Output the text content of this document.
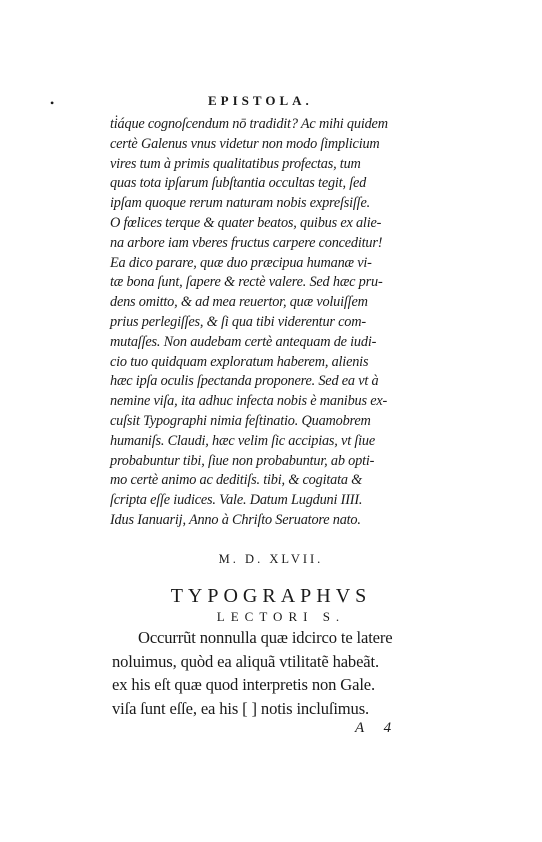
•	EPISTOLA.
ti̇áque cognoſcendum nō tradidit? Ac mihi quidem
certè Galenus vnus videtur non modo ſimplicium
vires tum à primis qualitatibus profectas, tum
quas tota ipſarum ſubſtantia occultas tegit, ſed
ipſam quoque rerum naturam nobis expreſsiſſe.
O fœlices terque & quater beatos, quibus ex alie-
na arbore iam vberes fructus carpere conceditur!
Ea dico parare, quæ duo præcipua humanæ vi-
tæ bona ſunt, ſapere & rectè valere. Sed hæc pru-
dens omitto, & ad mea reuertor, quæ voluiſſem
prius perlegiſſes, & ſi qua tibi viderentur com-
mutaſſes. Non audebam certè antequam de iudi-
cio tuo quidquam exploratum haberem, alienis
hæc ipſa oculis ſpectanda proponere. Sed ea vt à
nemine viſa, ita adhuc infecta nobis è manibus ex-
cuſsit Typographi nimia feſtinatio. Quamobrem
humaniſs. Claudi, hæc velim ſic accipias, vt ſiue
probabuntur tibi, ſiue non probabuntur, ab opti-
mo certè animo ac deditiſs. tibi, & cogitata &
ſcripta eſſe iudices. Vale. Datum Lugduni IIII.
Idus Ianuarij, Anno à Chriſto Seruatore nato.
M. D. XLVII.
TYPOGRAPHVS
LECTORI S.
Occurrũt nonnulla quæ idcirco te latere
noluimus, quòd ea aliquã vtilitatẽ habeãt.
ex his eſt quæ quod interpretis non Gale.
viſa ſunt eſſe, ea his [ ] notis incluſimus.
A 4
